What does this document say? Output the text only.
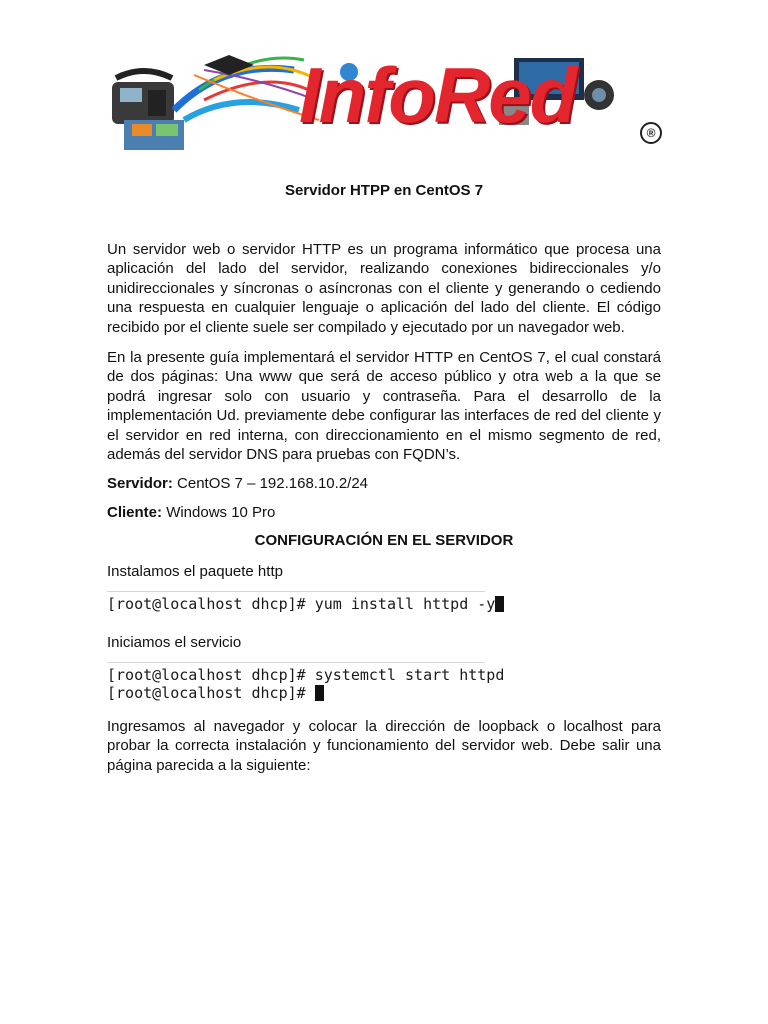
InfoRed	®
Servidor HTPP en CentOS 7
Un servidor web o servidor HTTP es un programa informático que procesa una aplicación del lado del servidor, realizando conexiones bidireccionales y/o unidireccionales y síncronas o asíncronas con el cliente y generando o cediendo una respuesta en cualquier lenguaje o aplicación del lado del cliente. El código recibido por el cliente suele ser compilado y ejecutado por un navegador web.
En la presente guía implementará el servidor HTTP en CentOS 7, el cual constará de dos páginas: Una www que será de acceso público y otra web a la que se podrá ingresar solo con usuario y contraseña. Para el desarrollo de la implementación Ud. previamente debe configurar las interfaces de red del cliente y el servidor en red interna, con direccionamiento en el mismo segmento de red, además del servidor DNS para pruebas con FQDN’s.
Servidor: CentOS 7 – 192.168.10.2/24
Cliente: Windows 10 Pro
CONFIGURACIÓN EN EL SERVIDOR
Instalamos el paquete http
[root@localhost dhcp]# yum install httpd -y
Iniciamos el servicio
[root@localhost dhcp]# systemctl start httpd
[root@localhost dhcp]#
Ingresamos al navegador y colocar la dirección de loopback o localhost para probar la correcta instalación y funcionamiento del servidor web. Debe salir una página parecida a la siguiente:
